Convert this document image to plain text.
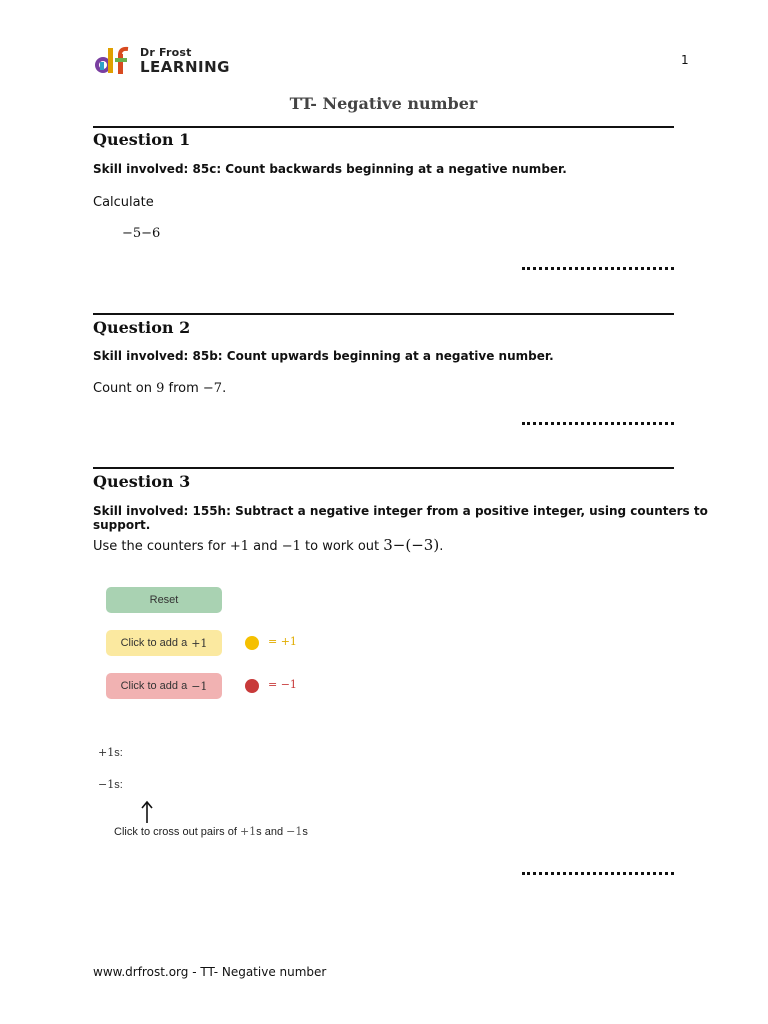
Dr Frost
LEARNING	1
TT- Negative number
Question 1
Skill involved: 85c: Count backwards beginning at a negative number.
Calculate
−5−6
Question 2
Skill involved: 85b: Count upwards beginning at a negative number.
Count on 9 from −7.
Question 3
Skill involved: 155h: Subtract a negative integer from a positive integer, using counters to support.
Use the counters for +1 and −1 to work out 3−(−3).
Reset
Click to add a +1	= +1
Click to add a −1	= −1
+1s:
−1s:
Click to cross out pairs of +1s and −1s
www.drfrost.org - TT- Negative number
